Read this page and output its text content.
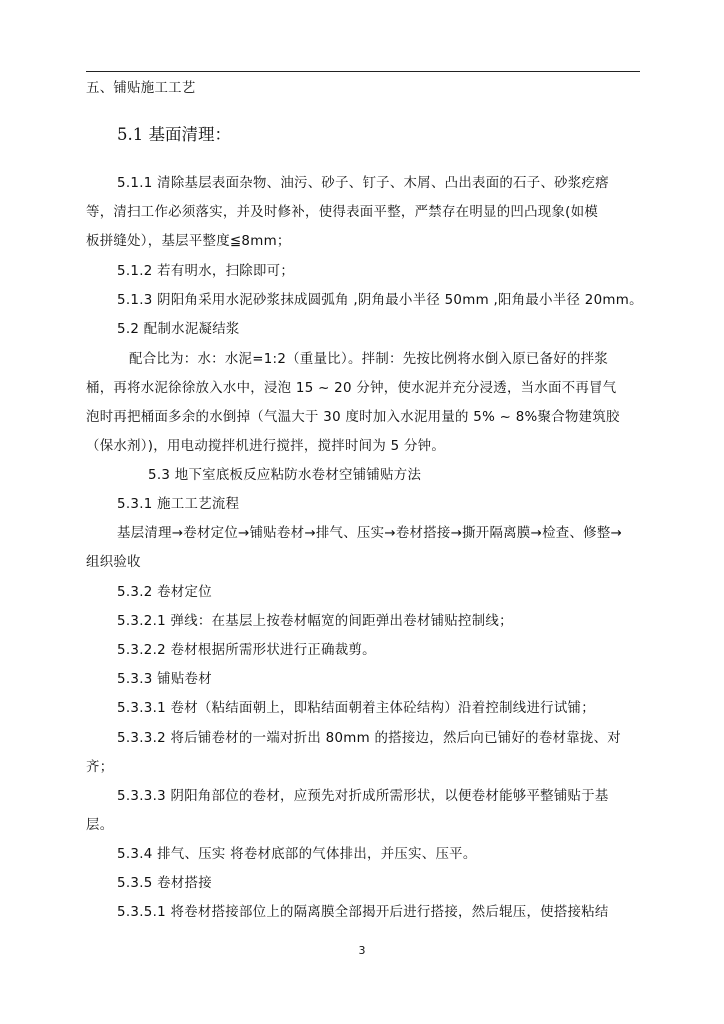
五、铺贴施工工艺
5.1 基面清理：
5.1.1 清除基层表面杂物、油污、砂子、钉子、木屑、凸出表面的石子、砂浆疙瘩
等，清扫工作必须落实，并及时修补，使得表面平整，严禁存在明显的凹凸现象(如模
板拼缝处），基层平整度≦8mm；
5.1.2 若有明水，扫除即可；
5.1.3 阴阳角采用水泥砂浆抹成圆弧角 ,阴角最小半径 50mm ,阳角最小半径 20mm。
5.2 配制水泥凝结浆
配合比为：水：水泥=1:2（重量比）。拌制：先按比例将水倒入原已备好的拌浆
桶，再将水泥徐徐放入水中，浸泡 15 ~ 20 分钟，使水泥并充分浸透，当水面不再冒气
泡时再把桶面多余的水倒掉（气温大于 30 度时加入水泥用量的 5% ~ 8%聚合物建筑胶
（保水剂）)，用电动搅拌机进行搅拌，搅拌时间为 5 分钟。
5.3 地下室底板反应粘防水卷材空铺铺贴方法
5.3.1 施工工艺流程
基层清理→卷材定位→铺贴卷材→排气、压实→卷材搭接→撕开隔离膜→检查、修整→
组织验收
5.3.2 卷材定位
5.3.2.1 弹线：在基层上按卷材幅宽的间距弹出卷材铺贴控制线；
5.3.2.2 卷材根据所需形状进行正确裁剪。
5.3.3 铺贴卷材
5.3.3.1 卷材（粘结面朝上，即粘结面朝着主体砼结构）沿着控制线进行试铺；
5.3.3.2 将后铺卷材的一端对折出 80mm 的搭接边，然后向已铺好的卷材靠拢、对
齐；
5.3.3.3 阴阳角部位的卷材，应预先对折成所需形状，以便卷材能够平整铺贴于基
层。
5.3.4 排气、压实 将卷材底部的气体排出，并压实、压平。
5.3.5 卷材搭接
5.3.5.1 将卷材搭接部位上的隔离膜全部揭开后进行搭接，然后辊压，使搭接粘结
3
